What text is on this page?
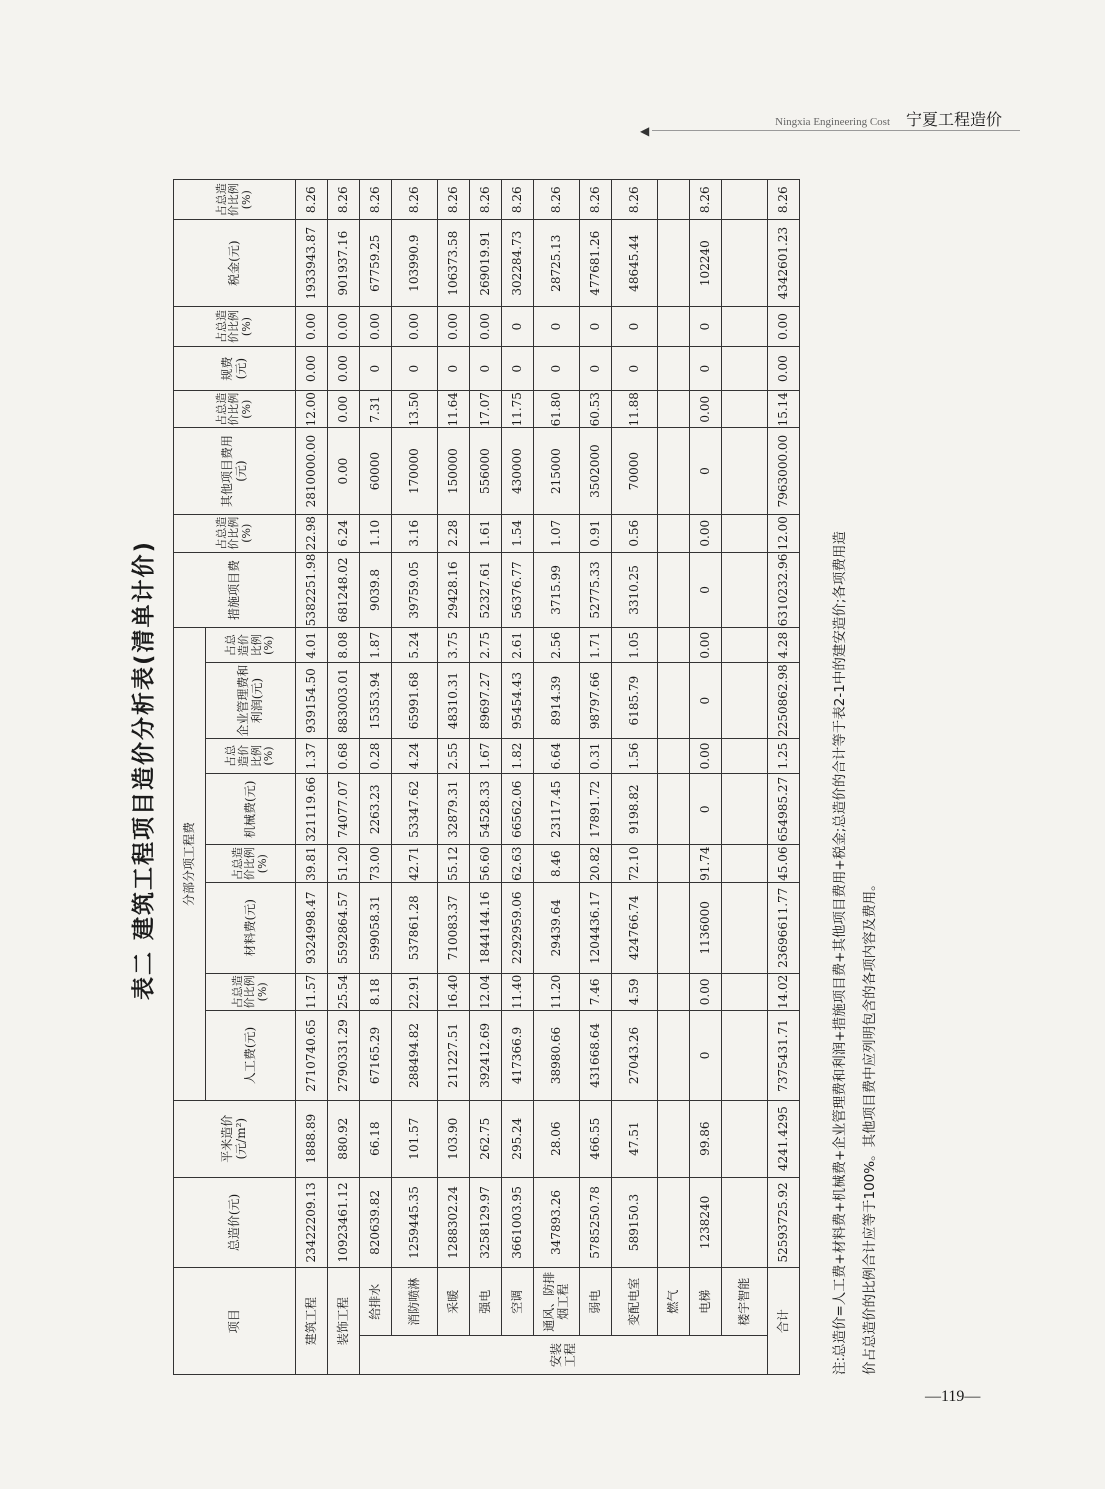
◀
Ningxia Engineering Cost 宁夏工程造价
表二 建筑工程项目造价分析表(清单计价)
项目		总造价(元)	平米造价(元/m²)	分部分项工程费								措施项目费	占总造价比例(%)	其他项目费用(元)	占总造价比例(%)	规费(元)	占总造价比例(%)	税金(元)	占总造价比例(%)
				人工费(元)	占总造价比例(%)	材料费(元)	占总造价比例(%)	机械费(元)	占总造价比例(%)	企业管理费和利润(元)	占总造价比例(%)								
建筑工程		23422209.13	1888.89	2710740.65	11.57	9324998.47	39.81	321119.66	1.37	939154.50	4.01	5382251.98	22.98	2810000.00	12.00	0.00	0.00	1933943.87	8.26
装饰工程		10923461.12	880.92	2790331.29	25.54	5592864.57	51.20	74077.07	0.68	883003.01	8.08	681248.02	6.24	0.00	0.00	0.00	0.00	901937.16	8.26
安装工程	给排水	820639.82	66.18	67165.29	8.18	599058.31	73.00	2263.23	0.28	15353.94	1.87	9039.8	1.10	60000	7.31	0	0.00	67759.25	8.26
	消防喷淋	1259445.35	101.57	288494.82	22.91	537861.28	42.71	53347.62	4.24	65991.68	5.24	39759.05	3.16	170000	13.50	0	0.00	103990.9	8.26
	采暖	1288302.24	103.90	211227.51	16.40	710083.37	55.12	32879.31	2.55	48310.31	3.75	29428.16	2.28	150000	11.64	0	0.00	106373.58	8.26
	强电	3258129.97	262.75	392412.69	12.04	1844144.16	56.60	54528.33	1.67	89697.27	2.75	52327.61	1.61	556000	17.07	0	0.00	269019.91	8.26
	空调	3661003.95	295.24	417366.9	11.40	2292959.06	62.63	66562.06	1.82	95454.43	2.61	56376.77	1.54	430000	11.75	0	0	302284.73	8.26
	通风、防排烟工程	347893.26	28.06	38980.66	11.20	29439.64	8.46	23117.45	6.64	8914.39	2.56	3715.99	1.07	215000	61.80	0	0	28725.13	8.26
	弱电	5785250.78	466.55	431668.64	7.46	1204436.17	20.82	17891.72	0.31	98797.66	1.71	52775.33	0.91	3502000	60.53	0	0	477681.26	8.26
	变配电室	589150.3	47.51	27043.26	4.59	424766.74	72.10	9198.82	1.56	6185.79	1.05	3310.25	0.56	70000	11.88	0	0	48645.44	8.26
	燃气																		
	电梯	1238240	99.86	0	0.00	1136000	91.74	0	0.00	0	0.00	0	0.00	0	0.00	0	0	102240	8.26
	楼宇智能																		
合计		52593725.92	4241.4295	7375431.71	14.02	23696611.77	45.06	654985.27	1.25	2250862.98	4.28	6310232.96	12.00	7963000.00	15.14	0.00	0.00	4342601.23	8.26
注:总造价=人工费+材料费+机械费+企业管理费和利润+措施项目费+其他项目费用+税金;总造价的合计等于表2-1中的建安造价;各项费用造	价占总造价的比例合计应等于100%。其他项目费中应列明包含的各项内容及费用。
—119—
